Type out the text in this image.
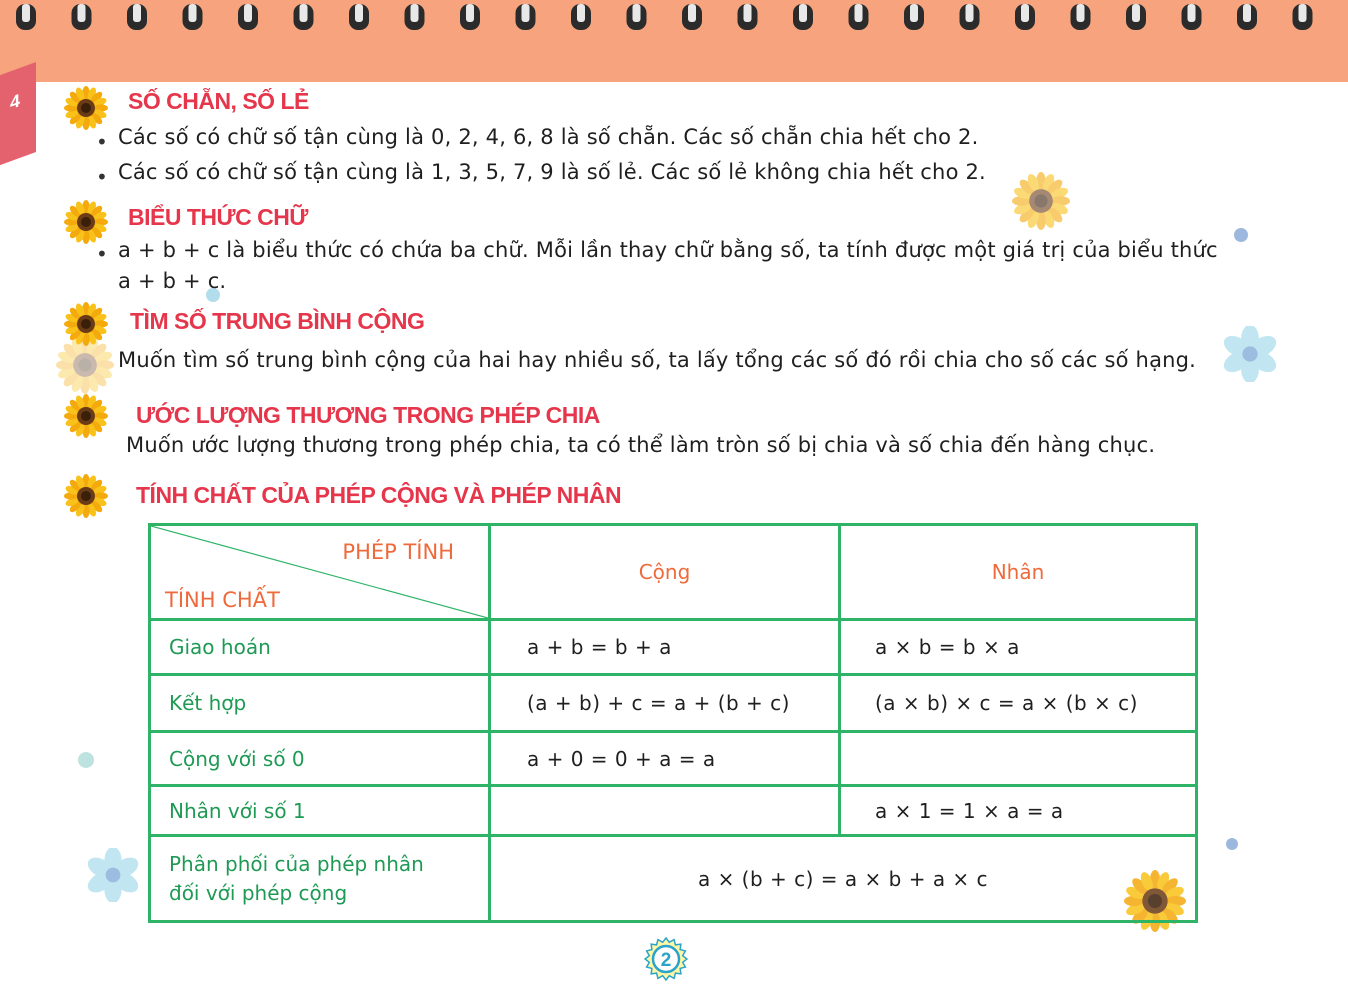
4	SỐ CHẴN, SỐ LẺ
• Các số có chữ số tận cùng là 0, 2, 4, 6, 8 là số chẵn. Các số chẵn chia hết cho 2.
• Các số có chữ số tận cùng là 1, 3, 5, 7, 9 là số lẻ. Các số lẻ không chia hết cho 2.
BIỂU THỨC CHỮ
• a + b + c là biểu thức có chứa ba chữ. Mỗi lần thay chữ bằng số, ta tính được một giá trị của biểu thức
a + b + c.
TÌM SỐ TRUNG BÌNH CỘNG
Muốn tìm số trung bình cộng của hai hay nhiều số, ta lấy tổng các số đó rồi chia cho số các số hạng.
ƯỚC LƯỢNG THƯƠNG TRONG PHÉP CHIA
Muốn ước lượng thương trong phép chia, ta có thể làm tròn số bị chia và số chia đến hàng chục.
TÍNH CHẤT CỦA PHÉP CỘNG VÀ PHÉP NHÂN
PHÉP TÍNH
TÍNH CHẤT	Cộng	Nhân
Giao hoán	a + b = b + a	a × b = b × a
Kết hợp	(a + b) + c = a + (b + c)	(a × b) × c = a × (b × c)
Cộng với số 0	a + 0 = 0 + a = a	
Nhân với số 1		a × 1 = 1 × a = a

Phân phối của phép nhân
đối với phép cộng	a × (b + c) = a × b + a × c	
2
